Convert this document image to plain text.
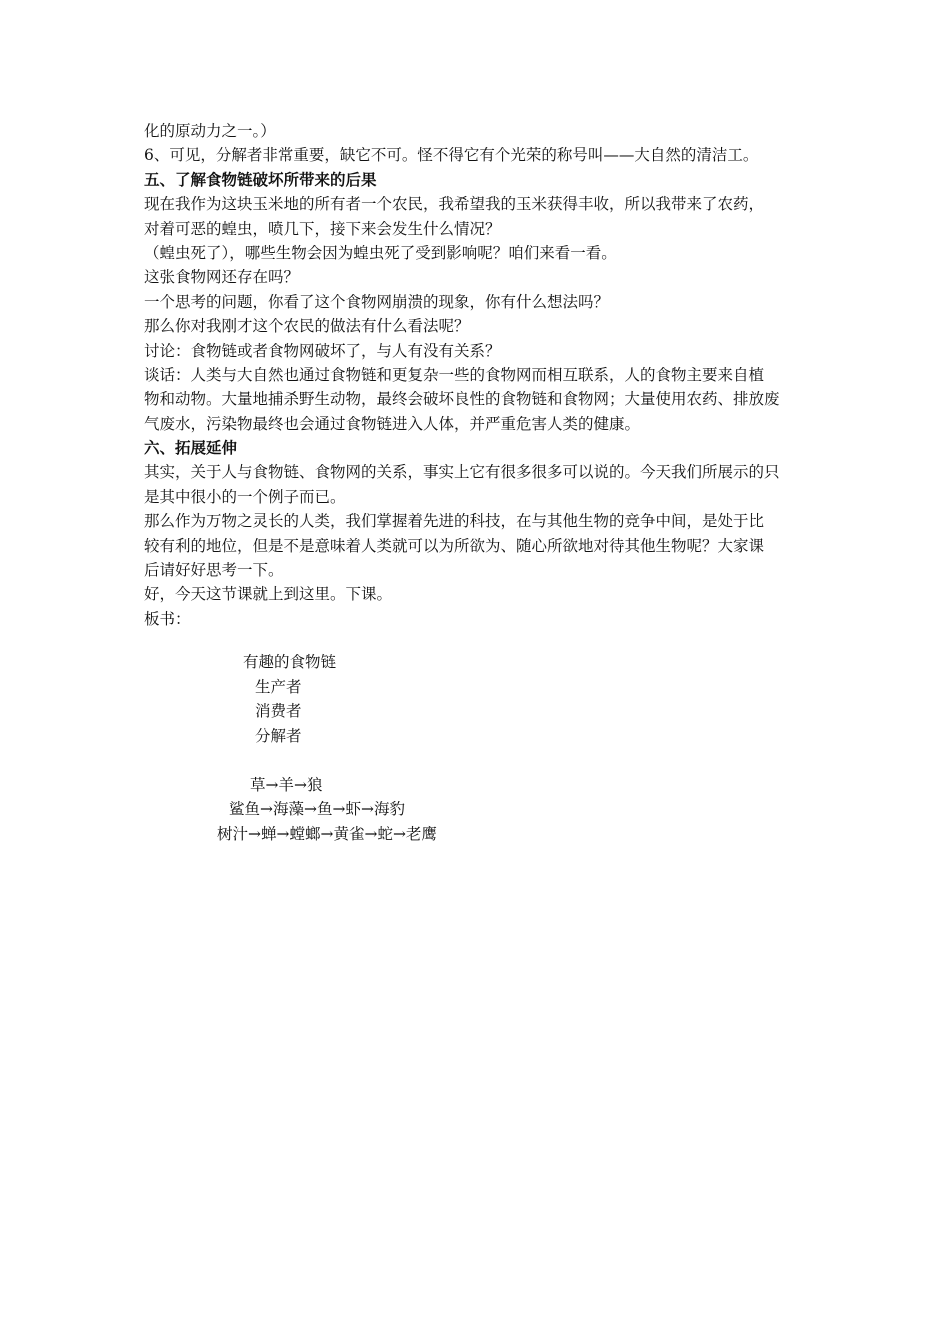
化的原动力之一。）
6、可见，分解者非常重要，缺它不可。怪不得它有个光荣的称号叫——大自然的清洁工。
五、了解食物链破坏所带来的后果
现在我作为这块玉米地的所有者一个农民，我希望我的玉米获得丰收，所以我带来了农药，
对着可恶的蝗虫，喷几下，接下来会发生什么情况？
（蝗虫死了），哪些生物会因为蝗虫死了受到影响呢？咱们来看一看。
这张食物网还存在吗？
一个思考的问题，你看了这个食物网崩溃的现象，你有什么想法吗？
那么你对我刚才这个农民的做法有什么看法呢？
讨论：食物链或者食物网破坏了，与人有没有关系？
谈话：人类与大自然也通过食物链和更复杂一些的食物网而相互联系，人的食物主要来自植
物和动物。大量地捕杀野生动物，最终会破坏良性的食物链和食物网；大量使用农药、排放废
气废水，污染物最终也会通过食物链进入人体，并严重危害人类的健康。
六、拓展延伸
其实，关于人与食物链、食物网的关系，事实上它有很多很多可以说的。今天我们所展示的只
是其中很小的一个例子而已。
那么作为万物之灵长的人类，我们掌握着先进的科技，在与其他生物的竞争中间，是处于比
较有利的地位，但是不是意味着人类就可以为所欲为、随心所欲地对待其他生物呢？大家课
后请好好思考一下。
好，今天这节课就上到这里。下课。
板书：
有趣的食物链
生产者
消费者
分解者
草→羊→狼
鲨鱼→海藻→鱼→虾→海豹
树汁→蝉→螳螂→黄雀→蛇→老鹰
